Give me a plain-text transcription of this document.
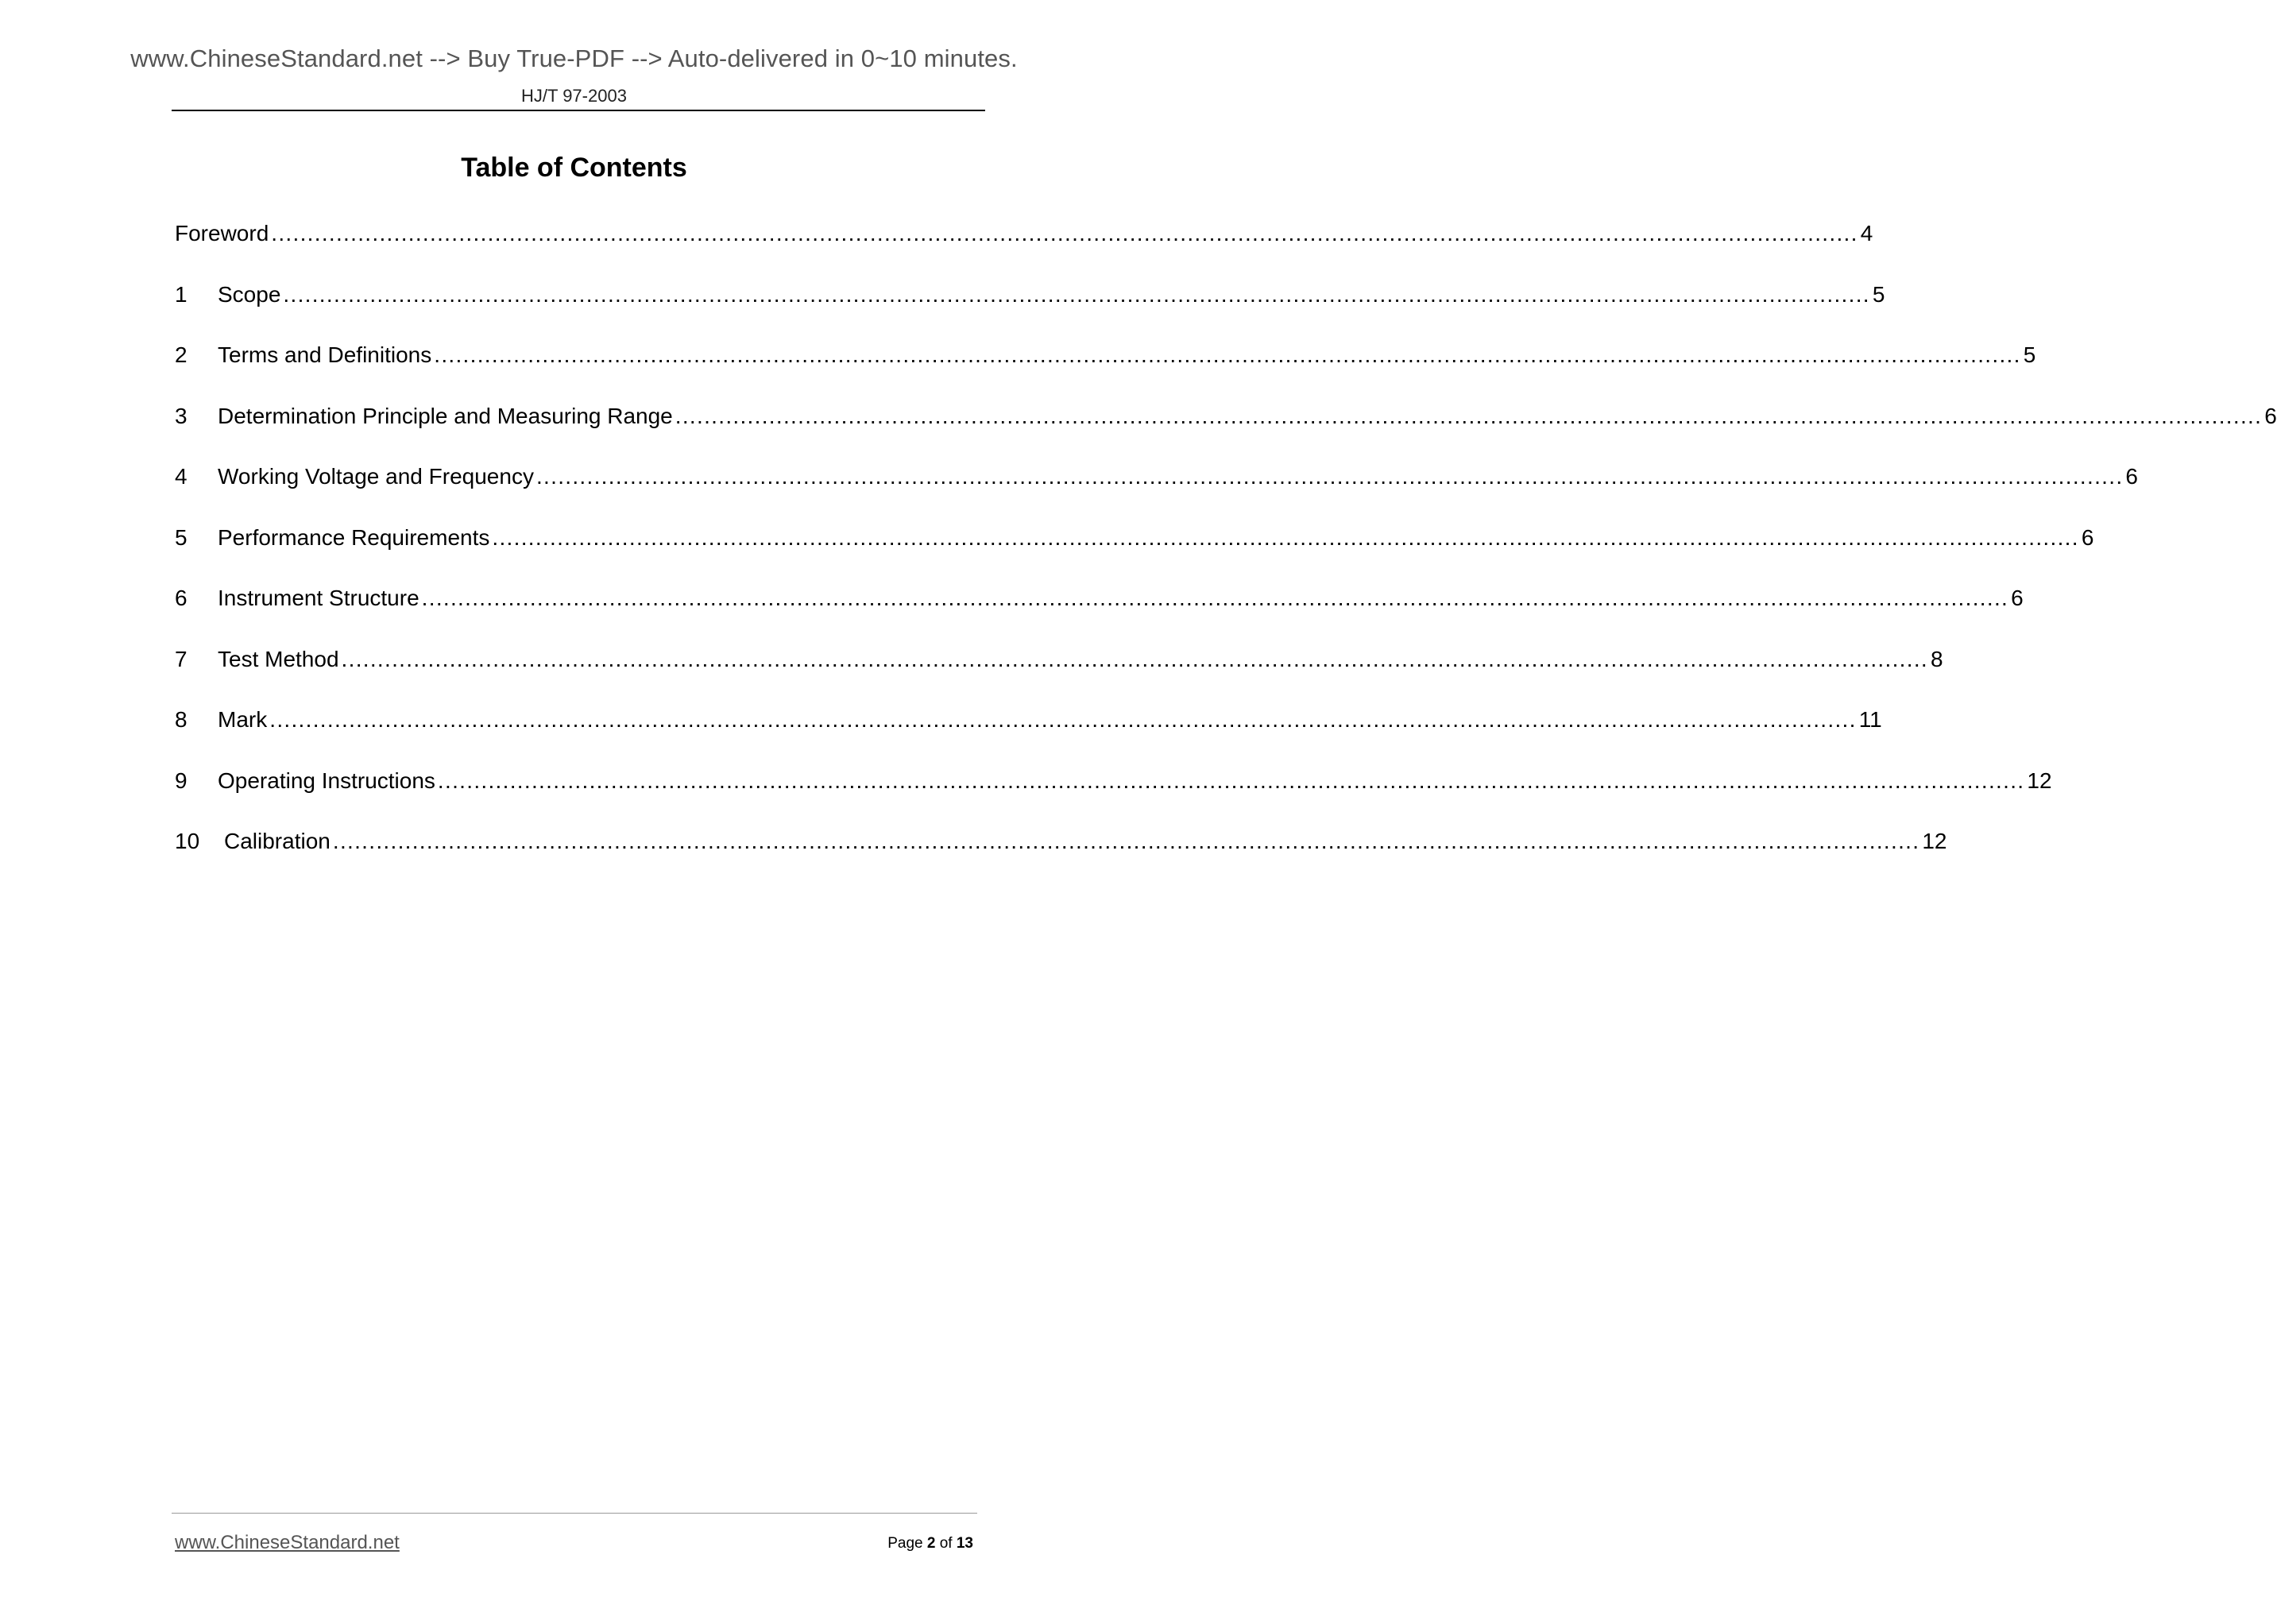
www.ChineseStandard.net --> Buy True-PDF --> Auto-delivered in 0~10 minutes.
HJ/T 97-2003
Table of Contents
Foreword ............................................................................................................................................................................................................................ 4
1	Scope ............................................................................................................................................................................................................................ 5
2	Terms and Definitions ............................................................................................................................................................................................................................ 5
3	Determination Principle and Measuring Range ............................................................................................................................................................................................................................ 6
4	Working Voltage and Frequency ............................................................................................................................................................................................................................ 6
5	Performance Requirements ............................................................................................................................................................................................................................ 6
6	Instrument Structure ............................................................................................................................................................................................................................ 6
7	Test Method ............................................................................................................................................................................................................................ 8
8	Mark ............................................................................................................................................................................................................................ 11
9	Operating Instructions ............................................................................................................................................................................................................................ 12
10	Calibration ............................................................................................................................................................................................................................ 12
www.ChineseStandard.net	Page 2 of 13
